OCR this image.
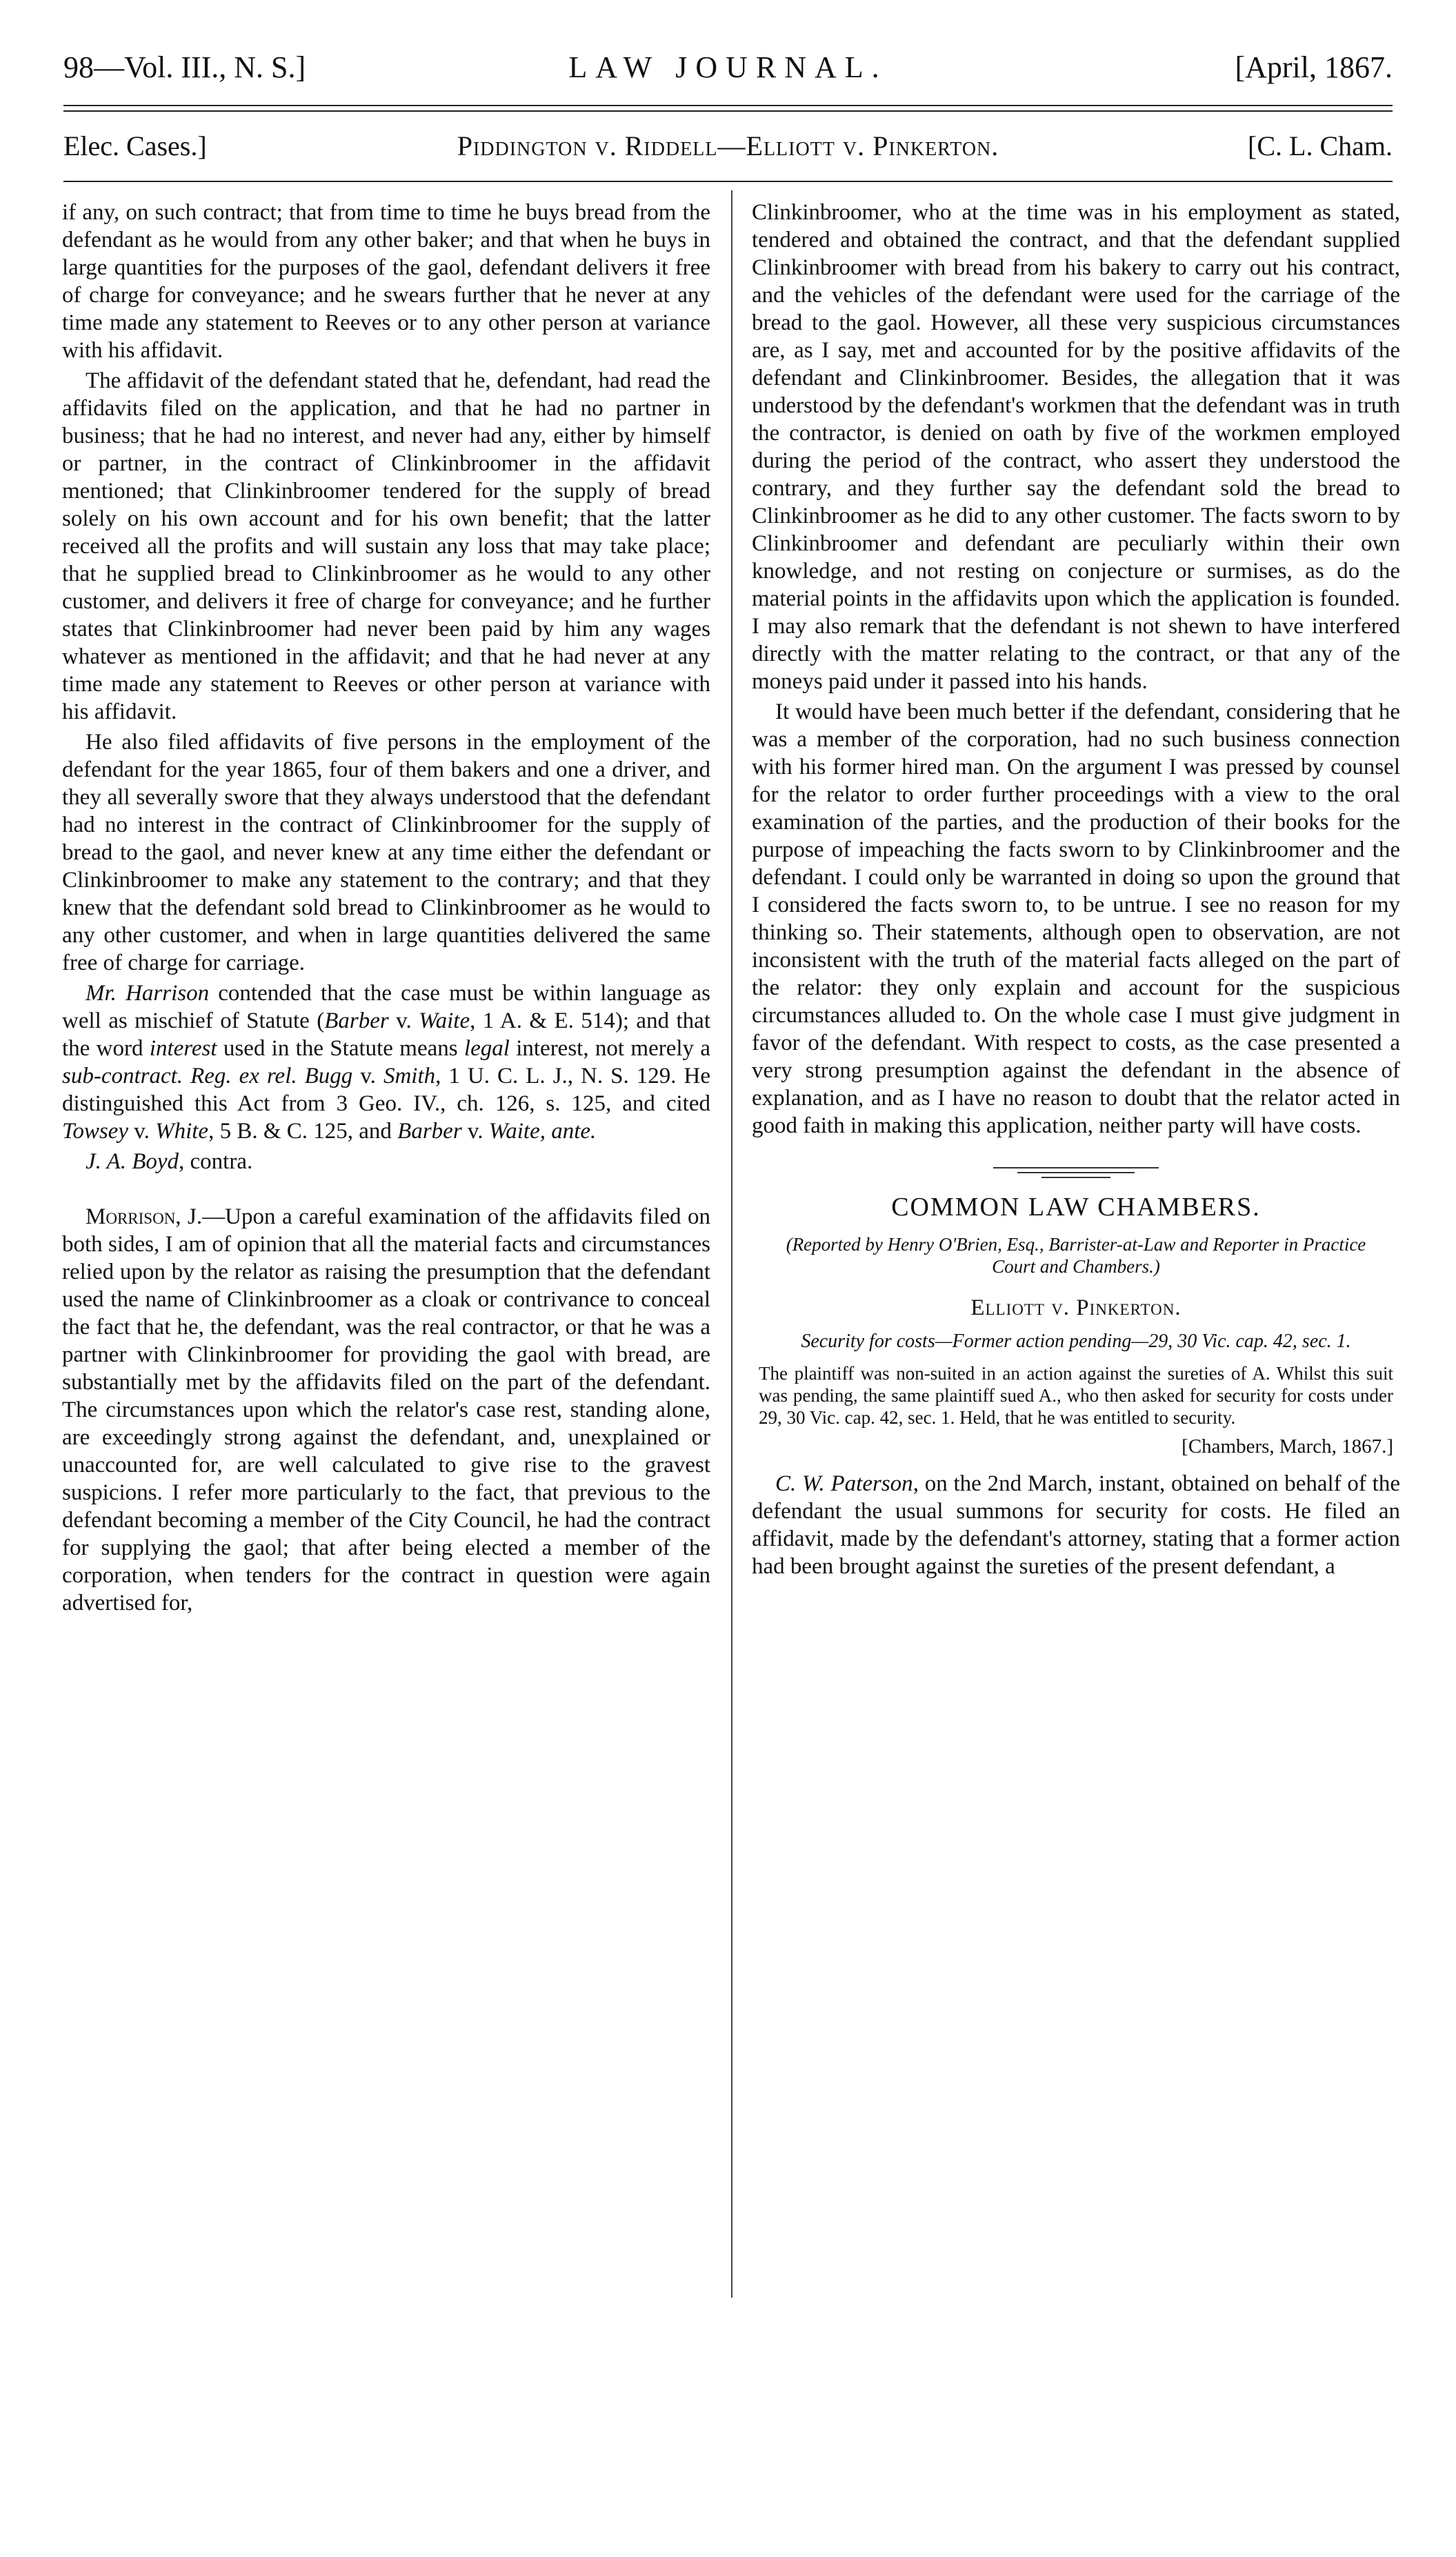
98—Vol. III., N. S.]	LAW JOURNAL.	[April, 1867.
Elec. Cases.]	Piddington v. Riddell—Elliott v. Pinkerton.	[C. L. Cham.

if any, on such contract; that from time to time he buys bread from the defendant as he would from any other baker; and that when he buys in large quantities for the purposes of the gaol, defendant delivers it free of charge for conveyance; and he swears further that he never at any time made any statement to Reeves or to any other person at variance with his affidavit.

The affidavit of the defendant stated that he, defendant, had read the affidavits filed on the application, and that he had no partner in business; that he had no interest, and never had any, either by himself or partner, in the contract of Clinkinbroomer in the affidavit mentioned; that Clinkinbroomer tendered for the supply of bread solely on his own account and for his own benefit; that the latter received all the profits and will sustain any loss that may take place; that he supplied bread to Clinkinbroomer as he would to any other customer, and delivers it free of charge for conveyance; and he further states that Clinkinbroomer had never been paid by him any wages whatever as mentioned in the affidavit; and that he had never at any time made any statement to Reeves or other person at variance with his affidavit.

He also filed affidavits of five persons in the employment of the defendant for the year 1865, four of them bakers and one a driver, and they all severally swore that they always understood that the defendant had no interest in the contract of Clinkinbroomer for the supply of bread to the gaol, and never knew at any time either the defendant or Clinkinbroomer to make any statement to the contrary; and that they knew that the defendant sold bread to Clinkinbroomer as he would to any other customer, and when in large quantities delivered the same free of charge for carriage.

Mr. Harrison contended that the case must be within language as well as mischief of Statute (Barber v. Waite, 1 A. & E. 514); and that the word interest used in the Statute means legal interest, not merely a sub-contract. Reg. ex rel. Bugg v. Smith, 1 U. C. L. J., N. S. 129. He distinguished this Act from 3 Geo. IV., ch. 126, s. 125, and cited Towsey v. White, 5 B. & C. 125, and Barber v. Waite, ante.

J. A. Boyd, contra.

Morrison, J.—Upon a careful examination of the affidavits filed on both sides, I am of opinion that all the material facts and circumstances relied upon by the relator as raising the presumption that the defendant used the name of Clinkinbroomer as a cloak or contrivance to conceal the fact that he, the defendant, was the real contractor, or that he was a partner with Clinkinbroomer for providing the gaol with bread, are substantially met by the affidavits filed on the part of the defendant. The circumstances upon which the relator's case rest, standing alone, are exceedingly strong against the defendant, and, unexplained or unaccounted for, are well calculated to give rise to the gravest suspicions. I refer more particularly to the fact, that previous to the defendant becoming a member of the City Council, he had the contract for supplying the gaol; that after being elected a member of the corporation, when tenders for the contract in question were again advertised for,

Clinkinbroomer, who at the time was in his employment as stated, tendered and obtained the contract, and that the defendant supplied Clinkinbroomer with bread from his bakery to carry out his contract, and the vehicles of the defendant were used for the carriage of the bread to the gaol. However, all these very suspicious circumstances are, as I say, met and accounted for by the positive affidavits of the defendant and Clinkinbroomer. Besides, the allegation that it was understood by the defendant's workmen that the defendant was in truth the contractor, is denied on oath by five of the workmen employed during the period of the contract, who assert they understood the contrary, and they further say the defendant sold the bread to Clinkinbroomer as he did to any other customer. The facts sworn to by Clinkinbroomer and defendant are peculiarly within their own knowledge, and not resting on conjecture or surmises, as do the material points in the affidavits upon which the application is founded. I may also remark that the defendant is not shewn to have interfered directly with the matter relating to the contract, or that any of the moneys paid under it passed into his hands.

It would have been much better if the defendant, considering that he was a member of the corporation, had no such business connection with his former hired man. On the argument I was pressed by counsel for the relator to order further proceedings with a view to the oral examination of the parties, and the production of their books for the purpose of impeaching the facts sworn to by Clinkinbroomer and the defendant. I could only be warranted in doing so upon the ground that I considered the facts sworn to, to be untrue. I see no reason for my thinking so. Their statements, although open to observation, are not inconsistent with the truth of the material facts alleged on the part of the relator: they only explain and account for the suspicious circumstances alluded to. On the whole case I must give judgment in favor of the defendant. With respect to costs, as the case presented a very strong presumption against the defendant in the absence of explanation, and as I have no reason to doubt that the relator acted in good faith in making this application, neither party will have costs.

COMMON LAW CHAMBERS.
(Reported by Henry O'Brien, Esq., Barrister-at-Law and Reporter in Practice Court and Chambers.)
Elliott v. Pinkerton.
Security for costs—Former action pending—29, 30 Vic. cap. 42, sec. 1.
The plaintiff was non-suited in an action against the sureties of A. Whilst this suit was pending, the same plaintiff sued A., who then asked for security for costs under 29, 30 Vic. cap. 42, sec. 1. Held, that he was entitled to security.
[Chambers, March, 1867.]

C. W. Paterson, on the 2nd March, instant, obtained on behalf of the defendant the usual summons for security for costs. He filed an affidavit, made by the defendant's attorney, stating that a former action had been brought against the sureties of the present defendant, a
